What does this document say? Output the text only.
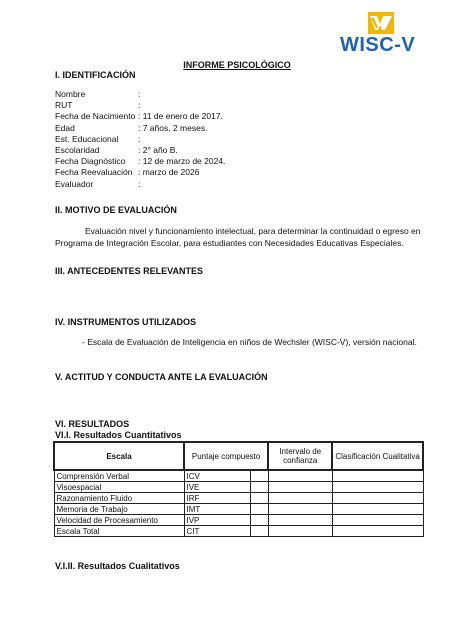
WISC-V
INFORME PSICOLÓGICO
I. IDENTIFICACIÓN
Nombre	:
RUT	:
Fecha de Nacimiento : 11 de enero de 2017.
Edad	: 7 años, 2 meses.
Est. Educacional :
Escolaridad	: 2° año B.
Fecha Diagnóstico : 12 de marzo de 2024.
Fecha Reevaluación : marzo de 2026
Evaluador	:
II. MOTIVO DE EVALUACIÓN
Evaluación nivel y funcionamiento intelectual, para determinar la continuidad o egreso en Programa de Integración Escolar, para estudiantes con Necesidades Educativas Especiales.
III. ANTECEDENTES RELEVANTES
IV. INSTRUMENTOS UTILIZADOS
- Escala de Evaluación de Inteligencia en niños de Wechsler (WISC-V), versión nacional.
V. ACTITUD Y CONDUCTA ANTE LA EVALUACIÓN
VI. RESULTADOS
VI.I. Resultados Cuantitativos
Escala	Puntaje compuesto		Intervalo de confianza	Clasificación Cualitativa
Comprensión Verbal	ICV			
Visoespacial	IVE			
Razonamiento Fluido	IRF			
Memoria de Trabajo	IMT			
Velocidad de Procesamiento	IVP			
Escala Total	CIT			
V.I.II. Resultados Cualitativos
